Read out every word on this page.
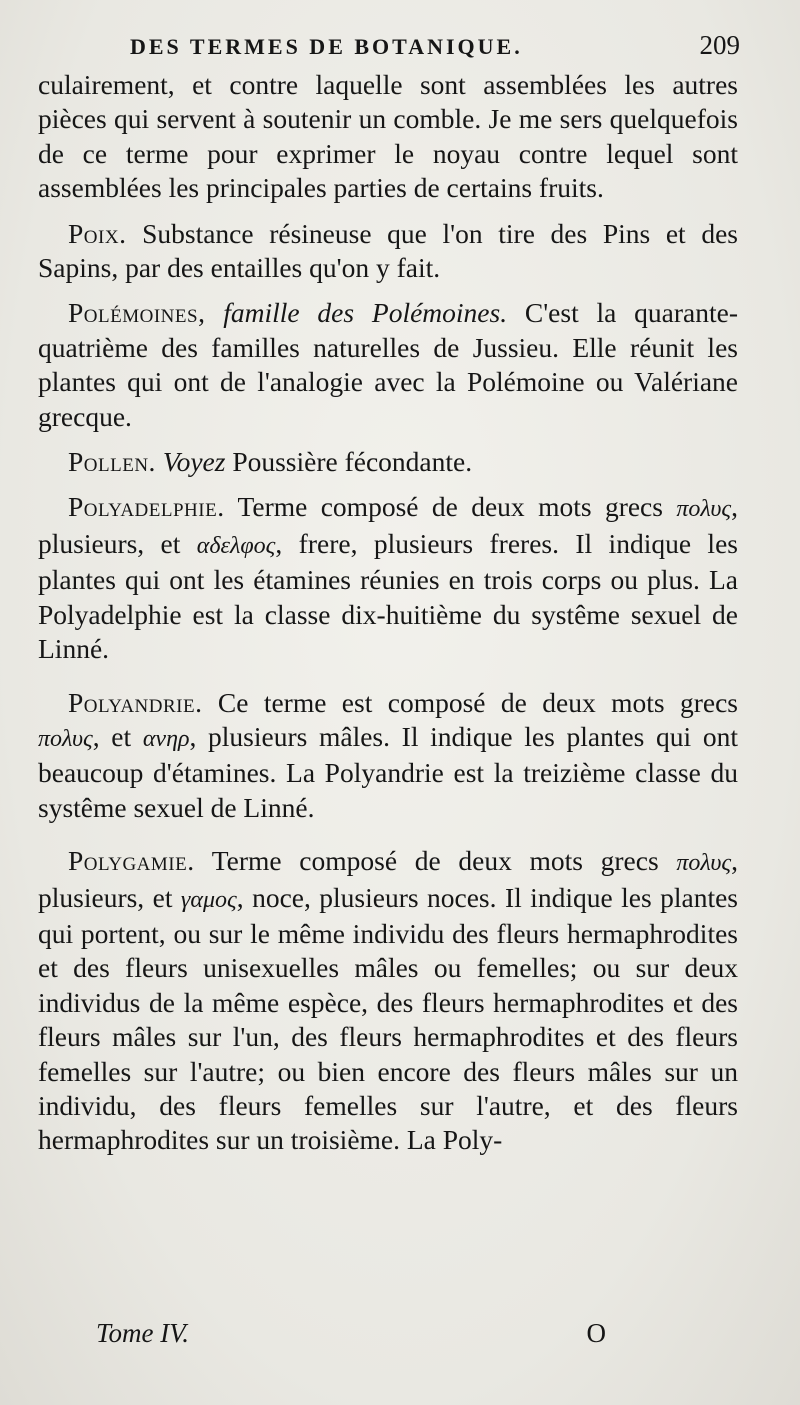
DES TERMES DE BOTANIQUE.	209

culairement, et contre laquelle sont assemblées les autres pièces qui servent à soutenir un comble. Je me sers quelquefois de ce terme pour exprimer le noyau contre lequel sont assemblées les principales parties de certains fruits.

Poix. Substance résineuse que l'on tire des Pins et des Sapins, par des entailles qu'on y fait.

Polémoines, famille des Polémoines. C'est la quarante-quatrième des familles naturelles de Jussieu. Elle réunit les plantes qui ont de l'analogie avec la Polémoine ou Valériane grecque.

Pollen. Voyez Poussière fécondante.

Polyadelphie. Terme composé de deux mots grecs πολυς, plusieurs, et αδελφος, frere, plusieurs freres. Il indique les plantes qui ont les étamines réunies en trois corps ou plus. La Polyadelphie est la classe dix-huitième du systême sexuel de Linné.

Polyandrie. Ce terme est composé de deux mots grecs πολυς, et ανηρ, plusieurs mâles. Il indique les plantes qui ont beaucoup d'étamines. La Polyandrie est la treizième classe du systême sexuel de Linné.

Polygamie. Terme composé de deux mots grecs πολυς, plusieurs, et γαμος, noce, plusieurs noces. Il indique les plantes qui portent, ou sur le même individu des fleurs hermaphrodites et des fleurs unisexuelles mâles ou femelles; ou sur deux individus de la même espèce, des fleurs hermaphrodites et des fleurs mâles sur l'un, des fleurs hermaphrodites et des fleurs femelles sur l'autre; ou bien encore des fleurs mâles sur un individu, des fleurs femelles sur l'autre, et des fleurs hermaphrodites sur un troisième. La Poly-

Tome IV.	O
